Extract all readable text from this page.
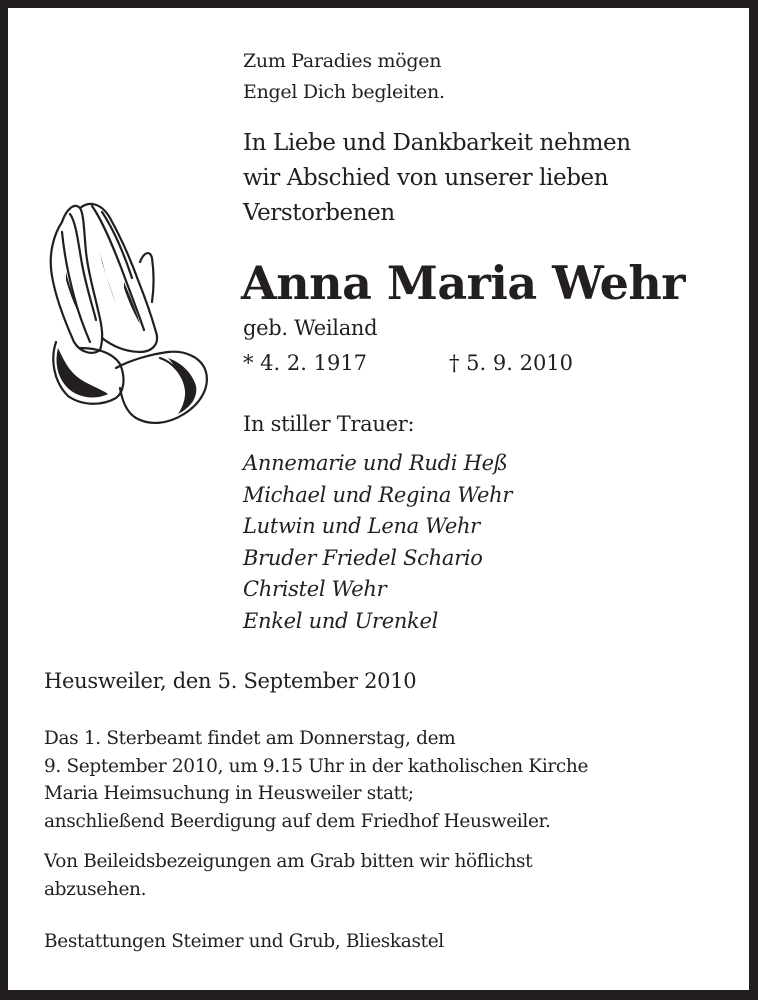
Zum Paradies mögen
Engel Dich begleiten.
In Liebe und Dankbarkeit nehmen
wir Abschied von unserer lieben
Verstorbenen
Anna Maria Wehr
geb. Weiland
* 4. 2. 1917	† 5. 9. 2010
In stiller Trauer:
Annemarie und Rudi Heß
Michael und Regina Wehr
Lutwin und Lena Wehr
Bruder Friedel Schario
Christel Wehr
Enkel und Urenkel
Heusweiler, den 5. September 2010
Das 1. Sterbeamt findet am Donnerstag, dem
9. September 2010, um 9.15 Uhr in der katholischen Kirche
Maria Heimsuchung in Heusweiler statt;
anschließend Beerdigung auf dem Friedhof Heusweiler.
Von Beileidsbezeigungen am Grab bitten wir höflichst
abzusehen.
Bestattungen Steimer und Grub, Blieskastel
